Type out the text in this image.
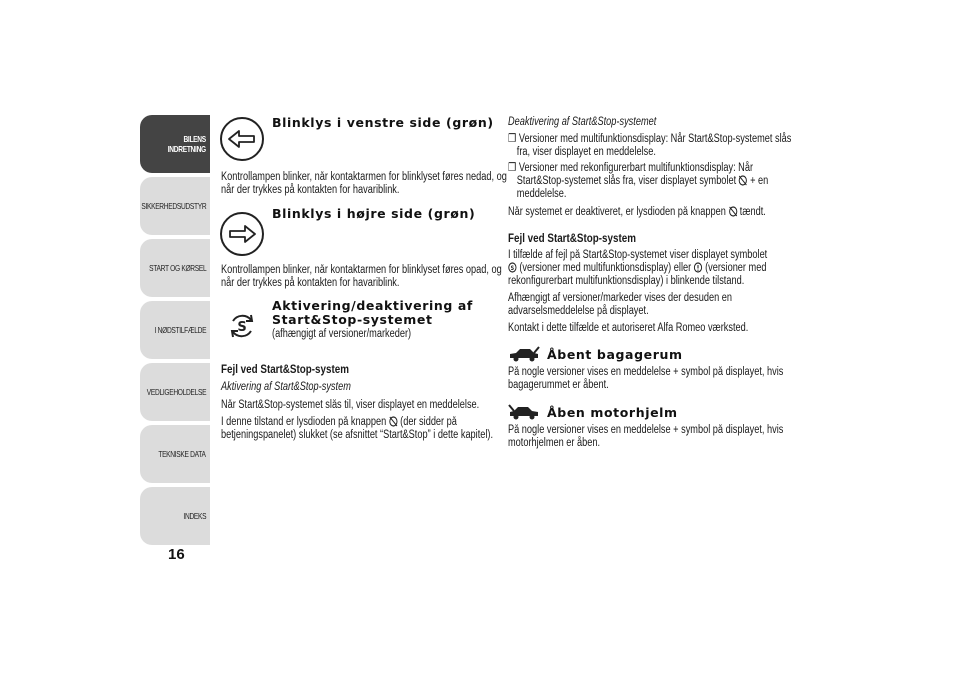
BILENS
INDRETNING
SIKKERHEDSUDSTYR
START OG KØRSEL
I NØDSTILFÆLDE
VEDLIGEHOLDELSE
TEKNISKE DATA
INDEKS
16
Blinklys i venstre side (grøn)
Kontrollampen blinker, når kontaktarmen for blinklyset føres nedad, og
når der trykkes på kontakten for havariblink.
Blinklys i højre side (grøn)
Kontrollampen blinker, når kontaktarmen for blinklyset føres opad, og
når der trykkes på kontakten for havariblink.
S
Aktivering/deaktivering af
Start&Stop-systemet
(afhængigt af versioner/markeder)
Fejl ved Start&Stop-system
Aktivering af Start&Stop-system
Når Start&Stop-systemet slås til, viser displayet en meddelelse.
I denne tilstand er lysdioden på knappen (der sidder på
betjeningspanelet) slukket (se afsnittet “Start&Stop” i dette kapitel).
Deaktivering af Start&Stop-systemet
❒ Versioner med multifunktionsdisplay: Når Start&Stop-systemet slås
fra, viser displayet en meddelelse.
❒ Versioner med rekonfigurerbart multifunktionsdisplay: Når
Start&Stop-systemet slås fra, viser displayet symbolet + en
meddelelse.
Når systemet er deaktiveret, er lysdioden på knappen tændt.
Fejl ved Start&Stop-system
I tilfælde af fejl på Start&Stop-systemet viser displayet symbolet
S (versioner med multifunktionsdisplay) eller (versioner med
rekonfigurerbart multifunktionsdisplay) i blinkende tilstand.
Afhængigt af versioner/markeder vises der desuden en
advarselsmeddelelse på displayet.
Kontakt i dette tilfælde et autoriseret Alfa Romeo værksted.
Åbent bagagerum
På nogle versioner vises en meddelelse + symbol på displayet, hvis
bagagerummet er åbent.
Åben motorhjelm
På nogle versioner vises en meddelelse + symbol på displayet, hvis
motorhjelmen er åben.
